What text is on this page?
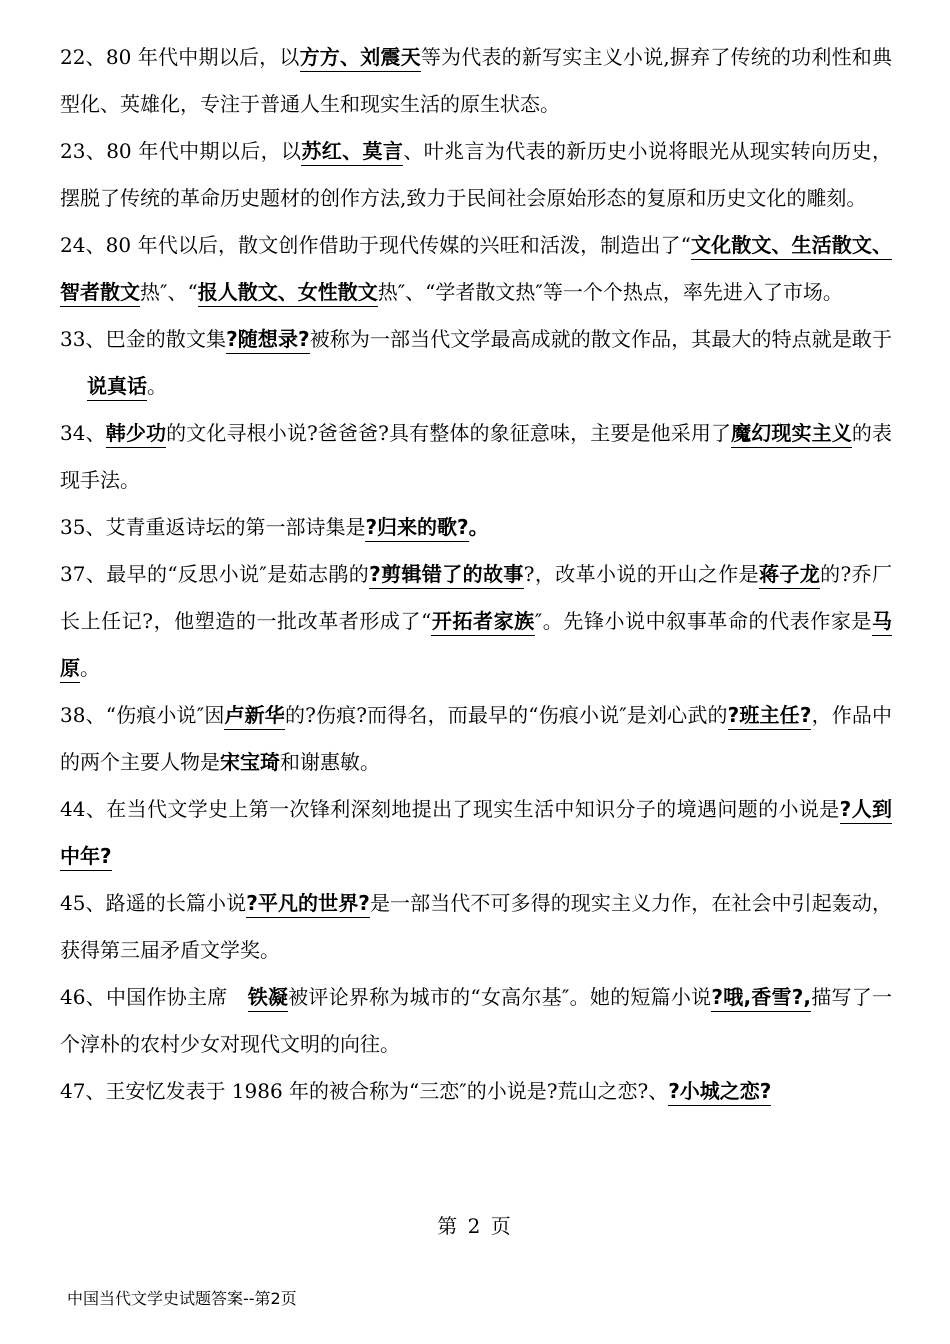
22、80 年代中期以后，以方方、刘震天等为代表的新写实主义小说,摒弃了传统的功利性和典型化、英雄化，专注于普通人生和现实生活的原生状态。

23、80 年代中期以后，以苏红、莫言、叶兆言为代表的新历史小说将眼光从现实转向历史，摆脱了传统的革命历史题材的创作方法,致力于民间社会原始形态的复原和历史文化的雕刻。

24、80 年代以后，散文创作借助于现代传媒的兴旺和活泼，制造出了“文化散文、生活散文、智者散文热″、“报人散文、女性散文热″、“学者散文热″等一个个热点，率先进入了市场。

33、巴金的散文集?随想录?被称为一部当代文学最高成就的散文作品，其最大的特点就是敢于说真话。

34、韩少功的文化寻根小说?爸爸爸?具有整体的象征意味，主要是他采用了魔幻现实主义的表现手法。

35、艾青重返诗坛的第一部诗集是?归来的歌?。

37、最早的“反思小说″是茹志鹃的?剪辑错了的故事?，改革小说的开山之作是蒋子龙的?乔厂长上任记?，他塑造的一批改革者形成了“开拓者家族″。先锋小说中叙事革命的代表作家是马原。

38、“伤痕小说″因卢新华的?伤痕?而得名，而最早的“伤痕小说″是刘心武的?班主任?，作品中的两个主要人物是宋宝琦和谢惠敏。

44、在当代文学史上第一次锋利深刻地提出了现实生活中知识分子的境遇问题的小说是?人到中年?

45、路遥的长篇小说?平凡的世界?是一部当代不可多得的现实主义力作，在社会中引起轰动，获得第三届矛盾文学奖。

46、中国作协主席　铁凝被评论界称为城市的“女高尔基″。她的短篇小说?哦,香雪?,描写了一个淳朴的农村少女对现代文明的向往。

47、王安忆发表于 1986 年的被合称为“三恋″的小说是?荒山之恋?、?小城之恋?

第 2 页
中国当代文学史试题答案--第2页
